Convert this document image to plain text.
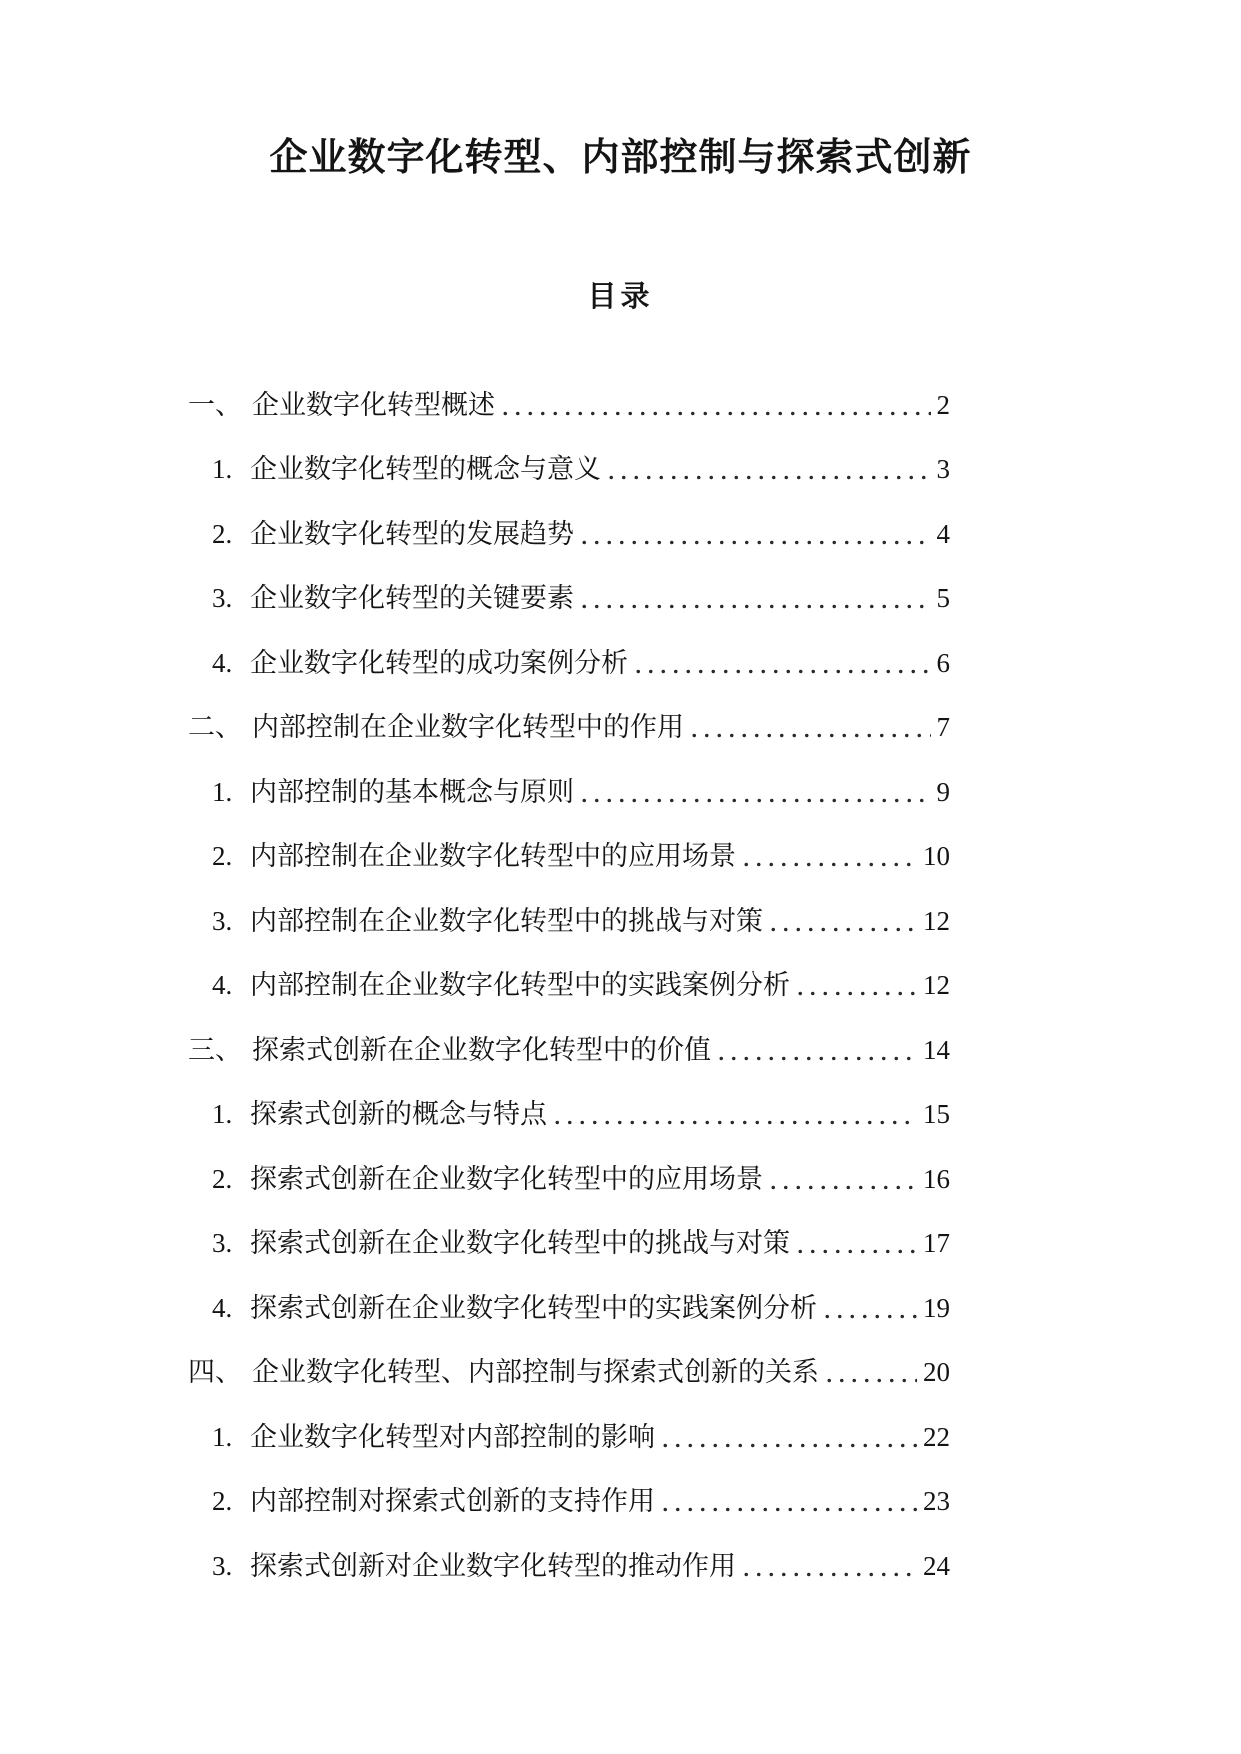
企业数字化转型、内部控制与探索式创新
目录
一、 企业数字化转型概述	2
1. 企业数字化转型的概念与意义	3
2. 企业数字化转型的发展趋势	4
3. 企业数字化转型的关键要素	5
4. 企业数字化转型的成功案例分析	6
二、 内部控制在企业数字化转型中的作用	7
1. 内部控制的基本概念与原则	9
2. 内部控制在企业数字化转型中的应用场景	10
3. 内部控制在企业数字化转型中的挑战与对策	12
4. 内部控制在企业数字化转型中的实践案例分析	12
三、 探索式创新在企业数字化转型中的价值	14
1. 探索式创新的概念与特点	15
2. 探索式创新在企业数字化转型中的应用场景	16
3. 探索式创新在企业数字化转型中的挑战与对策	17
4. 探索式创新在企业数字化转型中的实践案例分析	19
四、 企业数字化转型、内部控制与探索式创新的关系	20
1. 企业数字化转型对内部控制的影响	22
2. 内部控制对探索式创新的支持作用	23
3. 探索式创新对企业数字化转型的推动作用	24
